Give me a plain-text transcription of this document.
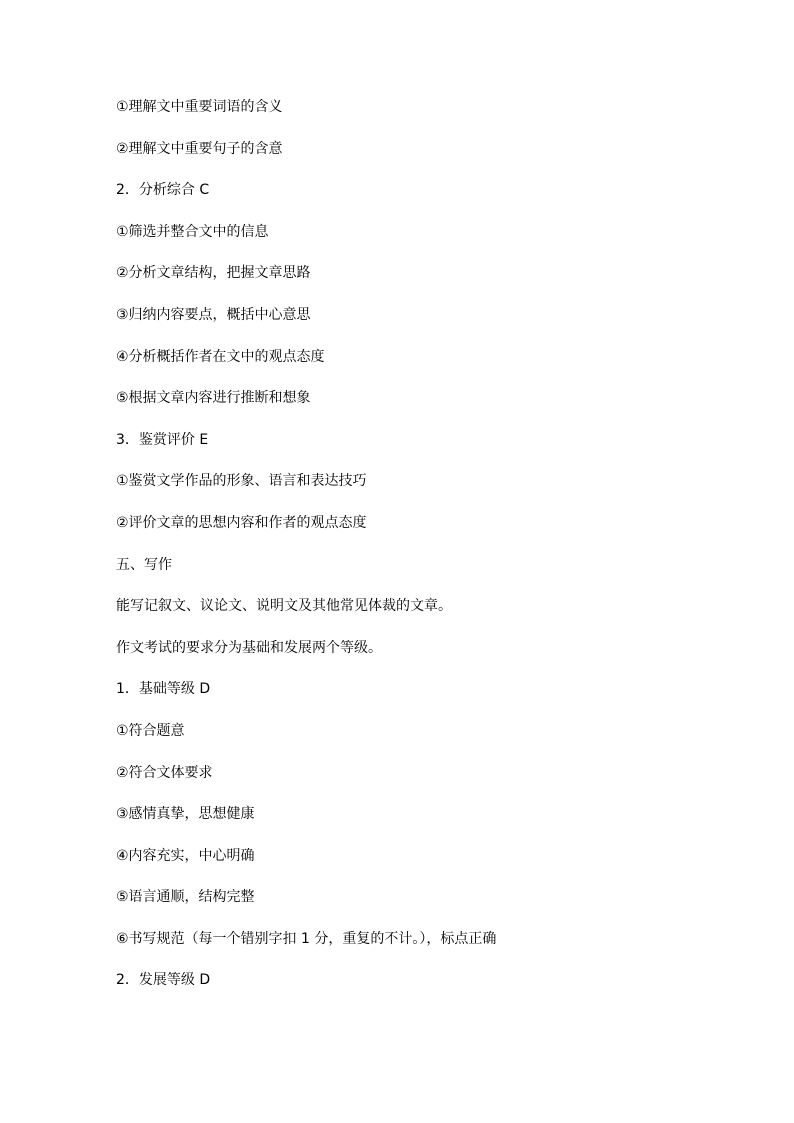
①理解文中重要词语的含义
②理解文中重要句子的含意
2．分析综合 C
①筛选并整合文中的信息
②分析文章结构，把握文章思路
③归纳内容要点，概括中心意思
④分析概括作者在文中的观点态度
⑤根据文章内容进行推断和想象
3．鉴赏评价 E
①鉴赏文学作品的形象、语言和表达技巧
②评价文章的思想内容和作者的观点态度
五、写作
能写记叙文、议论文、说明文及其他常见体裁的文章。
作文考试的要求分为基础和发展两个等级。
1．基础等级 D
①符合题意
②符合文体要求
③感情真挚，思想健康
④内容充实，中心明确
⑤语言通顺，结构完整
⑥书写规范（每一个错别字扣 1 分，重复的不计。），标点正确
2．发展等级 D
